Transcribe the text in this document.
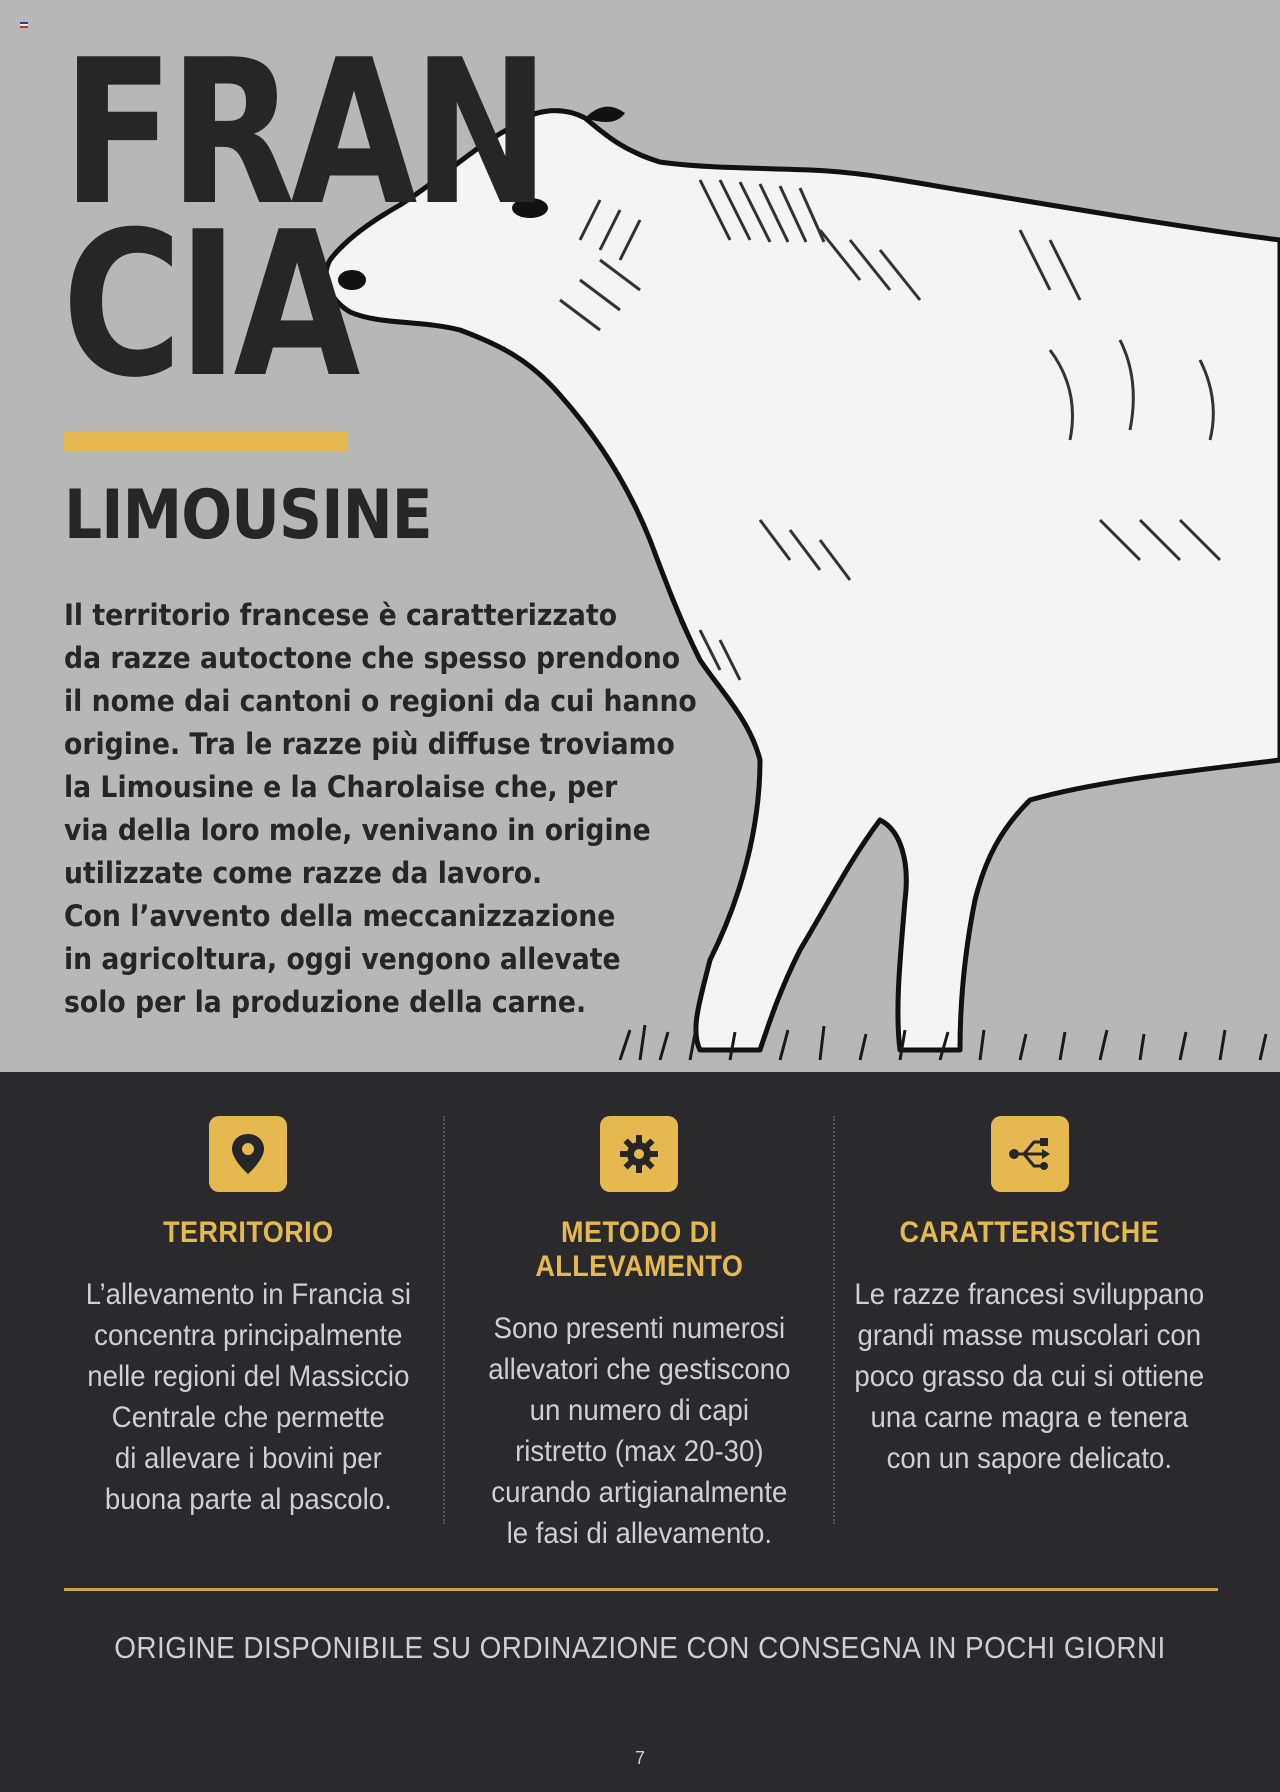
FRAN
CIA
LIMOUSINE
Il territorio francese è caratterizzato
da razze autoctone che spesso prendono
il nome dai cantoni o regioni da cui hanno
origine. Tra le razze più diffuse troviamo
la Limousine e la Charolaise che, per
via della loro mole, venivano in origine
utilizzate come razze da lavoro.
Con l’avvento della meccanizzazione
in agricoltura, oggi vengono allevate
solo per la produzione della carne.
TERRITORIO
L’allevamento in Francia si
concentra principalmente
nelle regioni del Massiccio
Centrale che permette
di allevare i bovini per
buona parte al pascolo.
METODO DI ALLEVAMENTO
Sono presenti numerosi
allevatori che gestiscono
un numero di capi
ristretto (max 20-30)
curando artigianalmente
le fasi di allevamento.
CARATTERISTICHE
Le razze francesi sviluppano
grandi masse muscolari con
poco grasso da cui si ottiene
una carne magra e tenera
con un sapore delicato.
ORIGINE DISPONIBILE SU ORDINAZIONE CON CONSEGNA IN POCHI GIORNI
7
